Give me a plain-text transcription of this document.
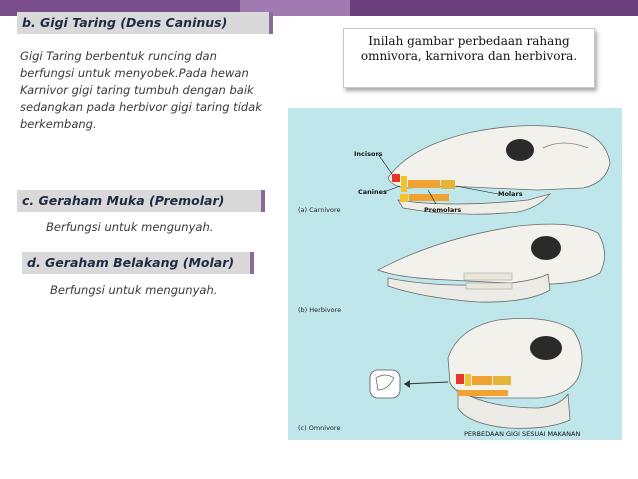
b. Gigi Taring (Dens Caninus)

Gigi Taring berbentuk runcing dan berfungsi untuk menyobek.Pada hewan Karnivor gigi taring tumbuh dengan baik sedangkan pada herbivor gigi taring tidak berkembang.

c. Geraham Muka (Premolar)

Berfungsi untuk mengunyah.

d. Geraham Belakang (Molar)

Berfungsi untuk mengunyah.

Inilah gambar perbedaan rahang omnivora, karnivora dan herbivora.
Incisors
Canines
Premolars
Molars
(a) Carnivore
(b) Herbivore
(c) Omnivore
PERBEDAAN GIGI SESUAI MAKANAN
